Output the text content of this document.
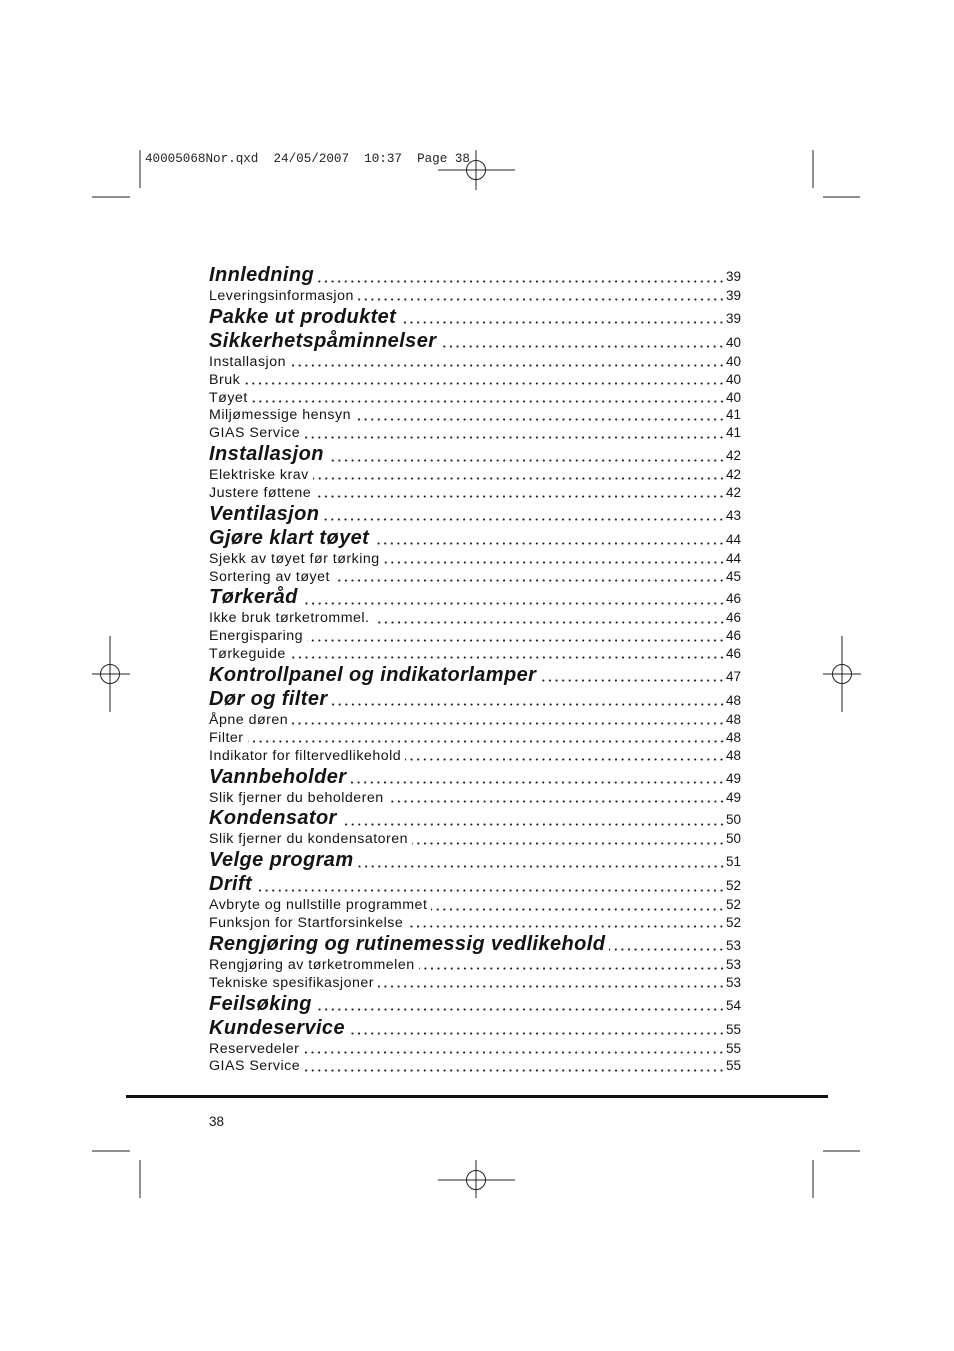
40005068Nor.qxd  24/05/2007  10:37  Page 38
Innledning	39
Leveringsinformasjon	39
Pakke ut produktet	39
Sikkerhetspåminnelser	40
Installasjon	40
Bruk	40
Tøyet	40
Miljømessige hensyn	41
GIAS Service	41
Installasjon	42
Elektriske krav	42
Justere føttene	42
Ventilasjon	43
Gjøre klart tøyet	44
Sjekk av tøyet før tørking	44
Sortering av tøyet	45
Tørkeråd	46
Ikke bruk tørketrommel.	46
Energisparing	46
Tørkeguide	46
Kontrollpanel og indikatorlamper	47
Dør og filter	48
Åpne døren	48
Filter	48
Indikator for filtervedlikehold	48
Vannbeholder	49
Slik fjerner du beholderen	49
Kondensator	50
Slik fjerner du kondensatoren	50
Velge program	51
Drift	52
Avbryte og nullstille programmet	52
Funksjon for Startforsinkelse	52
Rengjøring og rutinemessig vedlikehold	53
Rengjøring av tørketrommelen	53
Tekniske spesifikasjoner	53
Feilsøking	54
Kundeservice	55
Reservedeler	55
GIAS Service	55
38
